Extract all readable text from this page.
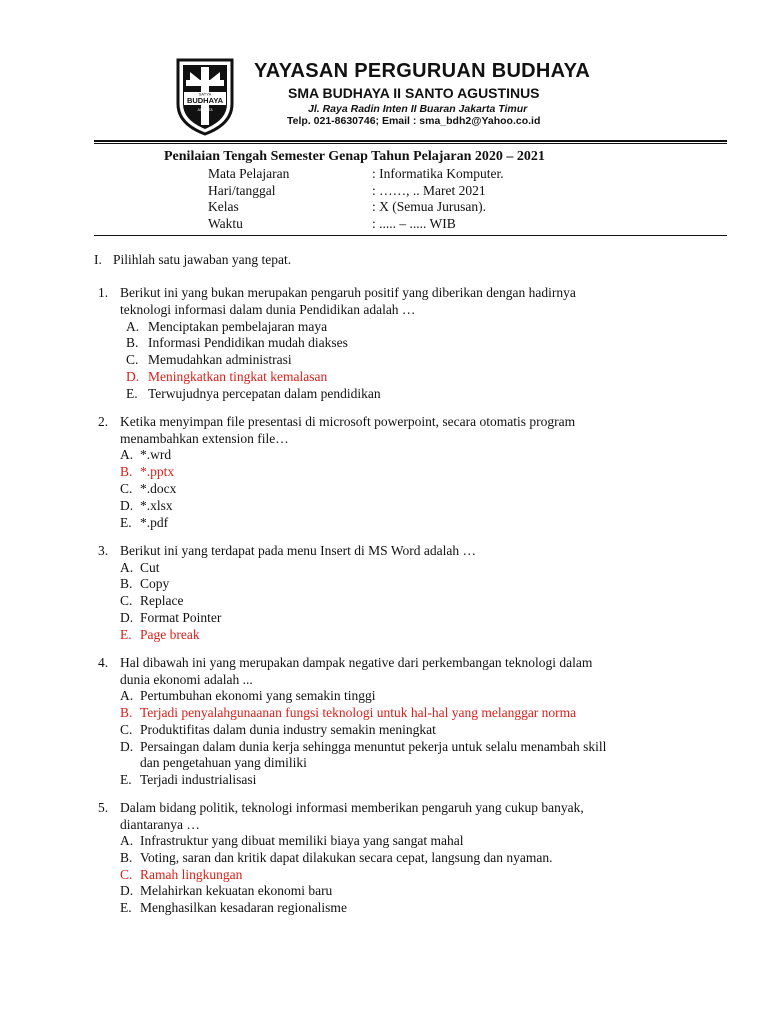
SATYA
BUDHAYA
JAKARTA
YAYASAN PERGURUAN BUDHAYA
SMA BUDHAYA II SANTO AGUSTINUS
Jl. Raya Radin Inten II Buaran Jakarta Timur
Telp. 021-8630746; Email : sma_bdh2@Yahoo.co.id
Penilaian Tengah Semester Genap Tahun Pelajaran 2020 – 2021
Mata Pelajaran	: Informatika Komputer.
Hari/tanggal	: ……, .. Maret 2021
Kelas	: X (Semua Jurusan).
Waktu	: ..... – ..... WIB
I. Pilihlah satu jawaban yang tepat.
1. Berikut ini yang bukan merupakan pengaruh positif yang diberikan dengan hadirnya
teknologi informasi dalam dunia Pendidikan adalah …
A. Menciptakan pembelajaran maya
B. Informasi Pendidikan mudah diakses
C. Memudahkan administrasi
D. Meningkatkan tingkat kemalasan
E. Terwujudnya percepatan dalam pendidikan
2. Ketika menyimpan file presentasi di microsoft powerpoint, secara otomatis program
menambahkan extension file…
A. *.wrd
B. *.pptx
C. *.docx
D. *.xlsx
E. *.pdf
3. Berikut ini yang terdapat pada menu Insert di MS Word adalah …
A. Cut
B. Copy
C. Replace
D. Format Pointer
E. Page break
4. Hal dibawah ini yang merupakan dampak negative dari perkembangan teknologi dalam
dunia ekonomi adalah ...
A. Pertumbuhan ekonomi yang semakin tinggi
B. Terjadi penyalahgunaanan fungsi teknologi untuk hal-hal yang melanggar norma
C. Produktifitas dalam dunia industry semakin meningkat
D. Persaingan dalam dunia kerja sehingga menuntut pekerja untuk selalu menambah skill
dan pengetahuan yang dimiliki
E. Terjadi industrialisasi
5. Dalam bidang politik, teknologi informasi memberikan pengaruh yang cukup banyak,
diantaranya …
A. Infrastruktur yang dibuat memiliki biaya yang sangat mahal
B. Voting, saran dan kritik dapat dilakukan secara cepat, langsung dan nyaman.
C. Ramah lingkungan
D. Melahirkan kekuatan ekonomi baru
E. Menghasilkan kesadaran regionalisme
